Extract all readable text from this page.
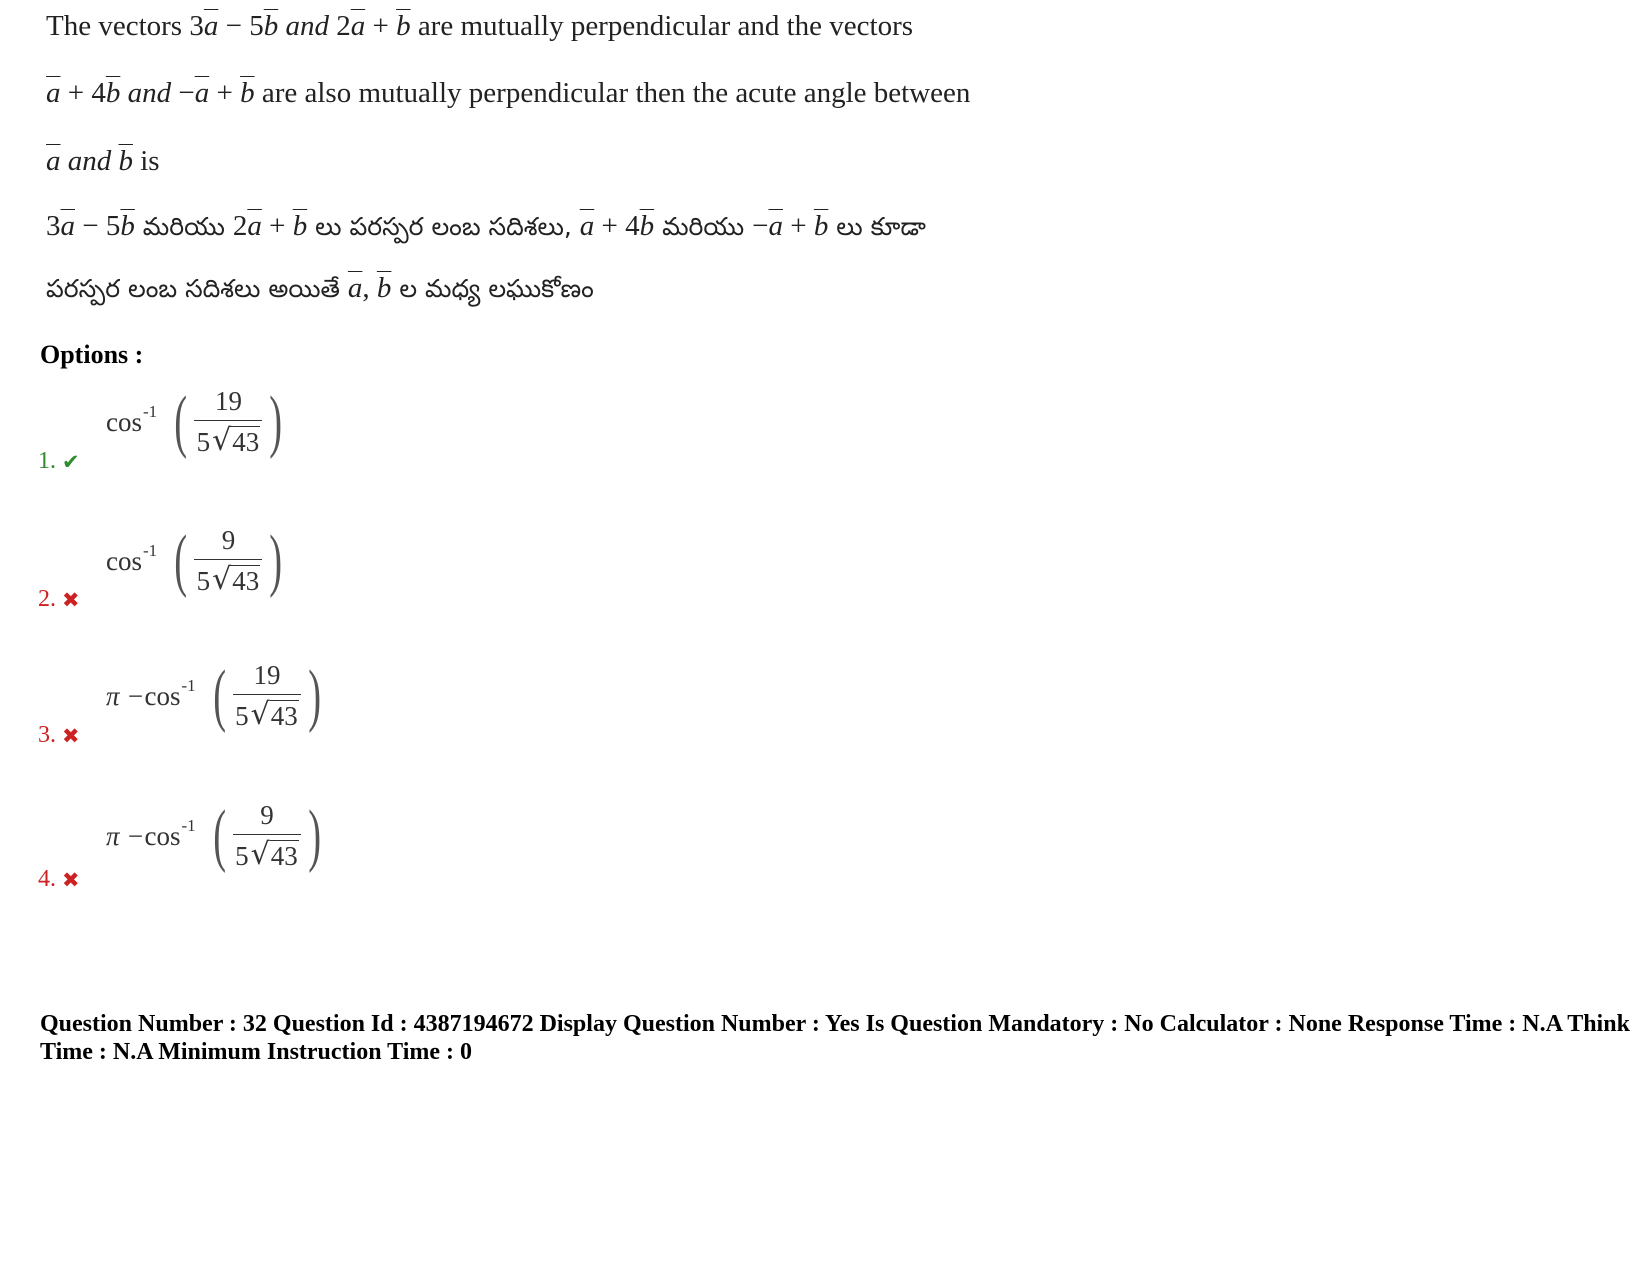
The vectors $3\overline{a} - 5\overline{b}$ and $2\overline{a} + \overline{b}$ are mutually perpendicular and the vectors
$\overline{a} + 4\overline{b}$ and $-\overline{a} + \overline{b}$ are also mutually perpendicular then the acute angle between
$\overline{a}$ and $\overline{b}$ is
$3\overline{a} - 5\overline{b}$ మరియు $2\overline{a} + \overline{b}$ లు పరస్పర లంబ సదిశలు, $\overline{a} + 4\overline{b}$ మరియు $-\overline{a} + \overline{b}$ లు కూడా
పరస్పర లంబ సదిశలు అయితే $\overline{a}$, $\overline{b}$ ల మధ్య లఘుకోణం
Options :
$\cos^{-1}$ ( $\frac{19}{5 √ 43}$ )
1. ✔
$\cos^{-1}$ ( $\frac{9}{5 √ 43}$ )
2. ✖
$\pi - \cos^{-1}$ ( $\frac{19}{5 √ 43}$ )
3. ✖
$\pi - \cos^{-1}$ ( $\frac{9}{5 √ 43}$ )
4. ✖
Question Number : 32 Question Id : 4387194672 Display Question Number : Yes Is Question Mandatory : No Calculator : None Response Time : N.A Think Time : N.A Minimum Instruction Time : 0
